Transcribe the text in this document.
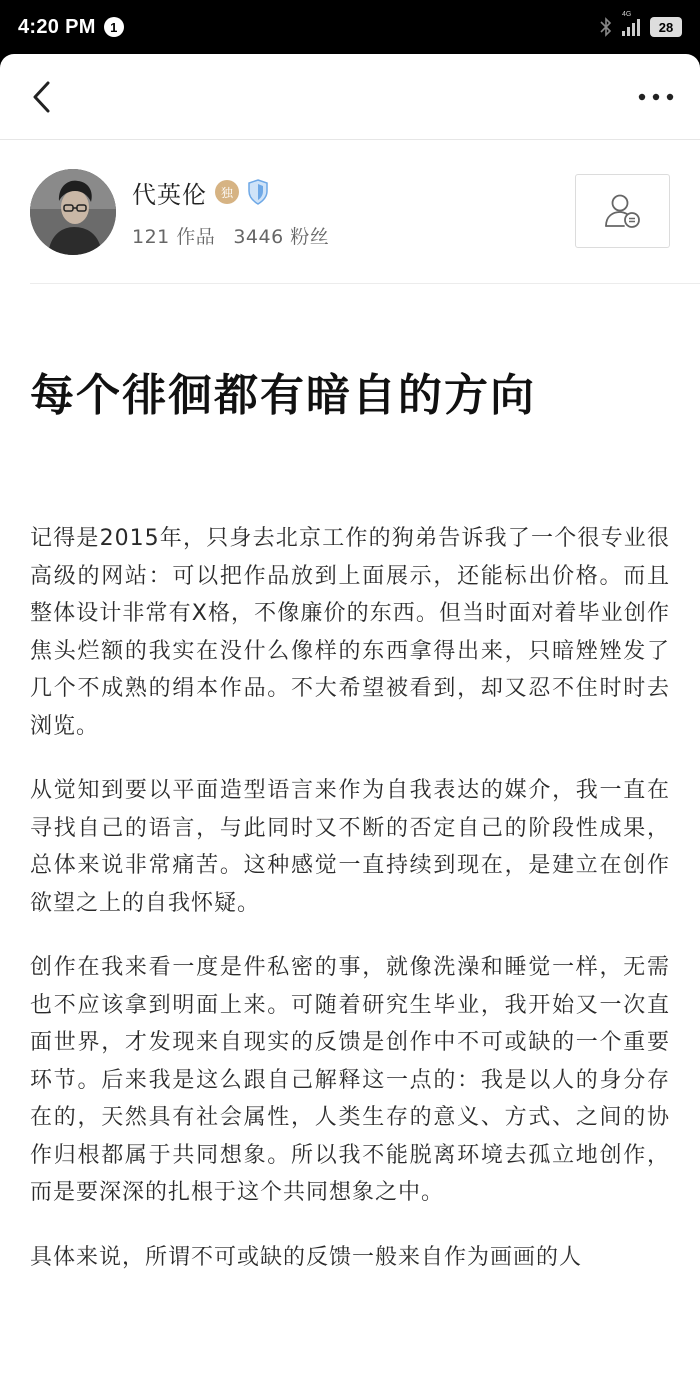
4:20 PM	1
4G
28
代英伦	独
121 作品 3446 粉丝
每个徘徊都有暗自的方向

记得是2015年，只身去北京工作的狗弟告诉我了一个很专业很高级的网站：可以把作品放到上面展示，还能标出价格。而且整体设计非常有X格，不像廉价的东西。但当时面对着毕业创作焦头烂额的我实在没什么像样的东西拿得出来，只暗矬矬发了几个不成熟的绢本作品。不大希望被看到，却又忍不住时时去浏览。

从觉知到要以平面造型语言来作为自我表达的媒介，我一直在寻找自己的语言，与此同时又不断的否定自己的阶段性成果，总体来说非常痛苦。这种感觉一直持续到现在，是建立在创作欲望之上的自我怀疑。

创作在我来看一度是件私密的事，就像洗澡和睡觉一样，无需也不应该拿到明面上来。可随着研究生毕业，我开始又一次直面世界，才发现来自现实的反馈是创作中不可或缺的一个重要环节。后来我是这么跟自己解释这一点的：我是以人的身分存在的，天然具有社会属性，人类生存的意义、方式、之间的协作归根都属于共同想象。所以我不能脱离环境去孤立地创作，而是要深深的扎根于这个共同想象之中。

具体来说，所谓不可或缺的反馈一般来自作为画画的人
